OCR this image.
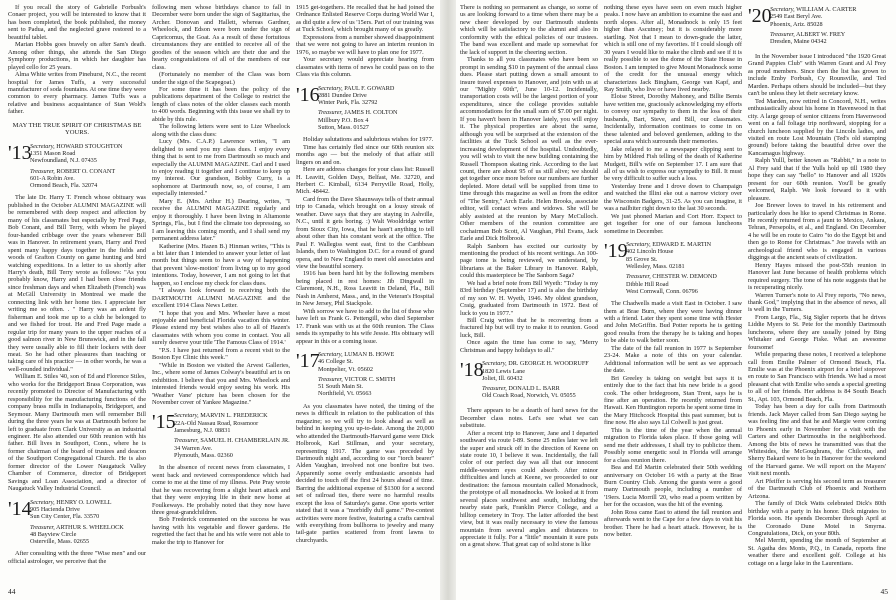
If you recall the story of Gabrielle Forbush's Conaer project, you will be interested to know that it has been completed, the book published, the money sent to Padua, and the neglected grave restored to a beautiful tablet.

Marian Hobbs goes bravely on after Sam's death. Among other things, she attends the San Diego Symphony productions, in which her daughter has played cello for 25 years.

Alma White writes from Pinehurst, N.C., the recent hospital for James Tuffs, a very successful manufacturer of soda fountains. At one time they were common to every pharmacy. James Tuffs was a relative and business acquaintance of Stan Wold's father.

MAY THE TRUE SPIRIT OF CHRISTMAS BE YOURS.

'13
Secretary, HOWARD STOUGHTON
1351 Mason Road
Newfoundland, N.J. 07435
Treasurer, ROBERT O. CONANT
601-A Robin Ave.
Ormond Beach, Fla. 32074

The late Dr. Harry T. French whose obituary was published in the October ALUMNI MAGAZINE will be remembered with deep respect and affection by many of his classmates but especially by Fred Page, Bob Conant, and Bill Terry, with whom he played four-handed cribbage over the years whenever Bill was in Hanover. In retirement years, Harry and Fred spent many happy days together in the fields and woods of Grafton County on game hunting and bird watching expeditions. In a letter to us shortly after Harry's death, Bill Terry wrote as follows: "As you probably know, Harry and I had been close friends since freshman days and when Elizabeth (French) was at McGill University in Montreal we made the connecting link with her home ties. I appreciate her writing me so often. . " Harry was an ardent fly fisherman and took me up to a club he belonged to and we fished for trout. He and Fred Page made a regular trip for many years to the upper reaches of a good salmon river in New Brunswick, and in the fall they were usually able to fill their lockers with deer meat. So he had other pleasures than teaching or taking care of his practice — in other words, he was a well-rounded individual."

William E. Stiles '40, son of Ed and Florence Stiles, who works for the Bridgeport Brass Corporation, was recently promoted to Director of Manufacturing with responsibility for the manufacturing functions of the company brass mills in Indianapolis, Bridgeport, and Seymour. Many Dartmouth men will remember Bill during the three years he was at Dartmouth before he left to graduate from Clark University as an industrial engineer. He also attended our 60th reunion with his father. Bill lives in Southport, Conn., where he is former chairman of the board of trustees and deacon of the Southport Congregational Church. He is also former director of the Lower Naugatuck Valley Chamber of Commerce, director of Bridgeport Savings and Loan Association, and a director of Naugatuck Valley Industrial Council.

'14
Secretary, HENRY O. LOWELL
905 Hacienda Drive
Sun City Center, Fla. 33570
Treasurer, ARTHUR S. WHEELOCK
48 Bayview Circle
Osterville, Mass. 02655

After consulting with the three "Wise men" and our official astrologer, we perceive that the

following men whose birthdays chance to fall in December were born under the sign of Sagittarius, the Archer. Donovan and Hallett, whereas Gardner, Wheelock, and Edson were born under the sign of Capricornus, the Goat. As a result of these fortuitous circumstances they are entitled to receive all of the goodies of the season which are their due and the hearty congratulations of all of the members of our class.

(Fortunately no member of the Class was born under the sign of the Scapegoat.)

For some time it has been the policy of the publications department of the College to restrict the length of class notes of the older classes each month to 400 words. Beginning with this issue we shall try to abide by this rule.

The following letters were sent to Lize Wheelock along with the class dues:

Lucy (Mrs. C.A.P.) Lawrence writes, "I am delighted to send you my class dues. I enjoy every thing that is sent to me from Dartmouth so much and especially the ALUMNI MAGAZINE. Carl and I used to enjoy reading it together and I continue to keep up my interest. Our grandson, Bobby Curry, is a sophomore at Dartmouth now, so, of course, I am especially interested."

Mary E. (Mrs. Arthur H.) Dearing, writes, "I receive the ALUMNI MAGAZINE regularly and enjoy it thoroughly. I have been living in Altamonte Springs, Fla., but I find the climate too depressing, so I am leaving this coming month, and I shall send my permanent address later."

Katherine (Mrs. Hazen B.) Hinman writes, "This is a bit later than I intended to answer your letter of last month but things seem to have a way of happening that prevent 'slow-motion' from living up to my good intentions. Today, however, I am not going to let that happen, so I enclose my check for class dues.

"I always look forward to receiving both the DARTMOUTH ALUMNI MAGAZINE and the excellent 1914 Class News Letter.

"I hope that you and Mrs. Wheeler have a most enjoyable and beneficial Florida vacation this winter. Please extend my best wishes also to all of Hazen's classmates with whom you come in contact. You all surely deserve your title 'The Famous Class of 1914.'

"P.S. I have just returned from a recent visit to the Boston Eye Clinic this week."

"While in Boston we visited the Arvest Galleries, Inc., where some of James Colway's beautiful art is on exhibition. I believe that you and Mrs. Wheelock and interested friends would enjoy seeing his work. His 'Weather Vane' picture has been chosen for the November cover of Yankee Magazine."

'15
Secretary, MARVIN L. FREDERICK
22A-Old Nassau Road, Rossmoor
Jamesburg, N.J. 08831
Treasurer, SAMUEL H. CHAMBERLAIN JR.
34 Warren Ave.
Plymouth, Mass. 02360

In the absence of recent news from classmates, I went back and reviewed correspondence which had come to me at the time of my illness. Pete Pray wrote that he was recovering from a slight heart attack and that they were enjoying life in their new home at Foulkeways. He probably noted that they now have three great-grandchildren.

Bob Frederick commented on the success he was having with his vegetable and flower gardens. He regretted the fact that he and his wife were not able to make the trip to Hanover for

1915 get-togethers. He recalled that he had joined the Ordnance Enlisted Reserve Corps during World War I, as did quite a few of us '15ers. Part of our training was at Tuck School, which brought many of us greatly.

Expressions from a number showed disappointment that we were not going to have an interim reunion in 1976, so maybe we will have to plan one for 1977.

Your secretary would appreciate hearing from classmates with items of news he could pass on to the Class via this column.

'16
Secretary, PAUL F. GOWARD
2881 Dundee Drive
Winter Park, Fla. 32792
Treasurer, JAMES H. COLTON
Millbury P.O. Box 4
Sutton, Mass. 01527

Holiday salutations and salubrious wishes for 1977.

Time has certainly fled since our 60th reunion six months ago — but the melody of that affair still lingers on and on.

Here are address changes for your class list: Russell H. Leavitt, Golden Days, Belfast, Me. 32720, and Herbert C. Kimball, 6134 Perryville Road, Holly, Mich. 48442.

Card from the Dave Shaunways tells of their annual trip to Canada, which brought on a lousy streak of weather. Dave says that they are staying in Ashville, N.C., until it gets boring. :) Walt Wooldridge writer from Sioux City, Iowa, that he hasn't anything to tell about other than his constant work at the office. The Paul F. Wallegiss went east, first to the Caribbean Islands, then to Washington D.C. for a round of grand opera, and to New England to meet old associates and view the beautiful scenery.

1916 has been hard hit by the following members being placed in rest homes: Jib Dingwall in Claremont, N.H., Ross Leavitt in Deland, Fla., Bill Nash in Amherst, Mass., and, in the Veteran's Hospital in New Jersey, Phil Stackpole.

With sorrow we have to add to the list of those who have left us Frank G. Pettengill, who died September 17. Frank was with us at the 60th reunion. The Class sends its sympathy to his wife Jessie. His obituary will appear in this or a coming issue.

'17
Secretary, LUMAN B. HOWE
46 College St.
Montpelier, Vt. 05602
Treasurer, VICTOR C. SMITH
51 South Main St.
Northfield, Vt. 05663

As you classmates have noted, the timing of the news is difficult in relation to the publication of this magazine; so we will try to look ahead as well as behind in keeping you up-to-date. Among the 20,000 who attended the Dartmouth-Harvard game were Dick Holbrook, Karl Stillman, and your secretary, representing 1917. The game was preceded by Dartmouth night and, according to our "torch bearer" Alden Vaughan, involved not one bonfire but two. Apparently some overly enthusiastic arsonists had decided to touch off the first 24 hours ahead of time. Barring the additional expense of $1300 for a second set of railroad ties, there were no harmful results except the loss of Saturday's game. One sports writer stated that it was a "morbidly dull game." Pre-contest activities were more festive, featuring a crafts carnival with everything from bullhorns to jewelry and many tail-gate parties scattered from front lawns to churchyards.

44

There is nothing so permanent as change, so some of us are looking forward to a time when there may be a new cheer developed by our Dartmouth students which will be satisfactory to the alumni and also in conformity with the ethical policies of our trustees. The band was excellent and made up somewhat for the lack of support in the cheering section.

Thanks to all you classmates who have been so prompt in sending $10 in payment of the annual class dues. Please start putting down a small amount to insure travel expenses to Hanover, and join with us at our "Mighty 60th", June 10-12. Incidentally, transportation costs will be the largest portion of your expenditures, since the college provides suitable accommodations for the small sum of $7.00 per night. If you haven't been in Hanover lately, you will enjoy it. The physical properties are about the same, although you will be surprised at the extension of the facilities at the Tuck School as well as the ever-increasing development of the hospital. Undoubtedly, you will wish to visit the new building containing the Russell Thompson skating rink. According to the last count, there are about 95 of us still alive; we should get together once more before our numbers are further depleted. More detail will be supplied from time to time through this magazine as well as from the editor of "The Sentry," Arch Earle. Helen Brooks, associate editor, will contact wives and widows. She will be ably assisted at the reunion by Mary McCulloch. Other members of the reunion committee are cochairman Bob Scott, Al Vaughan, Phil Evans, Jack Earle and Dick Holbrook.

Ralph Sanborn has excited our curiosity by mentioning the product of his recent writings. An 100-page tome is being reviewed, we understand, by librarians at the Baker Library in Hanover. Ralph, could this masterpiece be The Sanborn Saga?

We had a brief note from Bill Wyeth: "Today is my 83rd birthday (September 17) and is also the birthday of my son W. H. Wyeth, 1946. My oldest grandson, Craig, graduated from Dartmouth in 1972. Best of luck to you in 1977."

Bill Craig writes that he is recovering from a fractured hip but will try to make it to reunion. Good luck, Bill.

Once again the time has come to say, "Merry Christmas and happy holidays to all."

'18
Secretary, DR. GEORGE H. WOODRUFF
1820 Lewis Lane
Joliet, Ill. 60432
Treasurer, DONALD L. BARR
Old Coach Road, Norwich, Vt. 05055

There appears to be a dearth of hard news for the December class notes. Let's see what we can substitute.

After a recent trip to Hanover, Jane and I departed southward via route I-89. Some 25 miles later we left the super and struck off in the direction of Keene on state route 10, I believe it was. Incidentally, the fall color of our perfect day was all that our innocent middle-western eyes could absorb. After minor difficulties and lunch at Keene, we proceeded to our destination: the famous mountain called Monadnock, the prototype of all monadnocks. We looked at it from several places southwest and south, including the nearby state park, Franklin Pierce College, and a hilltop cemetery in Troy. The latter afforded the best view, but it was really necessary to view the famous mountain from several angles and distances to appreciate it fully. For a "little" mountain it sure puts on a great show. That great cap of solid stone is like

nothing these eyes have seen on even much higher peaks. I now have an ambition to examine the east and north slopes. After all, Monadnock is only 15 feet higher than Ascutney; but it is considerably more startling. Not that I mean to down-grade the latter, which is still one of my favorites. If I could slough off 30 years I would like to make the climb and see if it is really possible to see the dome of the State House in Boston. I am tempted to give Mount Monadnock some of the credit for the unusual energy which characterizes Jack Bingham, George van Kapf, and Ray Smith, who live or have lived nearby.

Eloise Street, Dorothy Mahoney, and Billie Bemis have written me, graciously acknowledging my efforts to convey our sympathy to them in the loss of their husbands, Bart, Steve, and Bill, our classmates. Incidentally, information continues to come in on these talented and beloved gentlemen, adding to the special aura which surrounds their memories.

Jake relayed to me a newspaper clipping sent to him by Mildred Fish telling of the death of Katherine Mudgett, Bill's wife on September 17. I am sure that all of us wish to express our sympathy to Bill. It must be very difficult to suffer such a loss.

Yesterday Irene and I drove down to Champaign and watched the Illini eke out a narrow victory over the Wisconsin Badgers, 31-25. As you can imagine, it was a nailbiter right down to the last 30 seconds.

We just phoned Marian and Cort Horr. Expect to get together for one of our famous luncheons sometime in December.

'19
Secretary, EDWARD E. MARTIN
402 Lincoln House
85 Grove St.
Wellesley, Mass. 02181
Treasurer, CHESTER W. DEMOND
Dibble Hill Road
West Cornwall, Conn. 06796

The Chadwells made a visit East in October. I saw them at Brae Burn, where they were having dinner with a friend. Later they spent some time with Hester and John McGriffin. Bud Potter reports he is getting good results from the therapy he is taking and hopes to be able to walk better soon.

The date of the fall reunion in 1977 is September 23-24. Make a note of this on your calendar. Additional information will be sent as we approach the date.

Bri Greeley is taking on weight but says it is entirely due to the fact that his new bride is a good cook. The other bridegroom, Stan Trent, says he is fine after an operation. He recently returned from Hawaii. Ken Huntington reports he spent some time in the Mary Hitchcock Hospital this past summer, but is fine now. He also says Lil Colwell is just great.

This is the time of the year when the annual migration to Florida takes place. If those going will send me their addresses, I shall try to publicize them. Possibly some energetic soul in Florida will arrange for a class reunion there.

Bea and Ed Martin celebrated their 50th wedding anniversary on October 16 with a party at the Brae Burn Country Club. Among the guests were a good many Dartmouth people, including a number of '19ers. Lucia Morrill '20, who read a poem written by her for the occasion, was the hit of the evening.

John Ross came East to attend the fall reunion and afterwards went to the Cape for a few days to visit his brother. There he had a heart attack. However, he is now better.

'20
Secretary, WILLIAM A. CARTER
2549 East Beryl Ave.
Phoenix, Ariz. 85028
Treasurer, ALBERT W. FREY
Dresden, Maine 04342

In the November issue I introduced "the 1920 Great Grand Pappies Club" with Warren Grant and Al Frey as proud members. Since then the list has grown to include Emby Forbush, Cy Rounsville, and Ted Marden. Perhaps others should be included—but they can't be unless they let their secretary know.

Ted Marden, now retired in Concord, N.H., writes enthusiastically about his home in Havenwood in that city. A large group of senior citizens from Havenwood went on a fall foliage trip northward, stopping for a church luncheon supplied by the Lincoln ladies, and visited en route Lost Mountain (Ted's old stamping ground) before taking the beautiful drive over the Kancamagus highway.

Ralph Yulll, better known as "Rabbit," in a note to Al Frey said that if the Yulls hold up till 1980 they hope they can say "hello" to Hanover and all 1920s present for our 60th reunion. You'll be greatly welcomed, Ralph. We look forward to it with pleasure.

Joe Brewer loves to travel in his retirement and particularly does he like to spend Christmas in Rome. He recently returned from a jaunt to Mexico, Ankara, Tehran, Persepolis, et al., and England. On December 4 he will be en route to Cairo "to do the Egypt bit and then go to Rome for Christmas." Joe travels with an archeological friend who is engaged in various diggings at the ancient seats of civilization.

Henry Hayes missed the post-55th reunion in Hanover last June because of health problems which required surgery. The tone of his note suggests that he is recuperating nicely.

Warren Turner's note to Al Frey reports, "No news, thank God," implying that in the absence of news, all is well in the Turners.

From Largo, Fla., Sig Sigler reports that he drives Liddie Myers to St. Pete for the monthly Dartmouth luncheons, where they are usually joined by Bing Whitaker and George Fiske. What an awesome foursome!

While preparing these notes, I received a telephone call from Emilie Palmer of Ormond Beach, Fla. Emilie was at the Phoenix airport for a brief stopover en route to San Francisco with friends. We had a most pleasant chat with Emilie who sends a special greeting to all of her friends. Her address is 84 South Beach St., Apt. 103, Ormond Beach, Fla.

Today has been a day for calls from Dartmouth friends. Jack Mayer called from San Diego saying he was feeling fine and that he and Margie were coming to Phoenix early in November for a visit with the Carters and other Dartmouths in the neighborhood. Among the bits of news he transmitted was that the Whitesides, the McGoughrans, the Chilcotts, and Sherry Bakard were to be in Hanover for the weekend of the Harvard game. We will report on the Mayers' visit next month.

Art Pfeiffer is serving his second term as treasurer of the Dartmouth Club of Phoenix and Northern Arizona.

The family of Dick Watts celebrated Dick's 80th birthday with a party in his honor. Dick migrates to Florida soon. He spends December through April at the Coronado Dune Motel in Smyrna. Congratulations, Dick, on your 80th.

Mel Merritt, spending the month of September at St. Agatha des Monts, P.Q., in Canada, reports fine weather there and excellent golf. College at his cottage on a large lake in the Laurentians.

45
